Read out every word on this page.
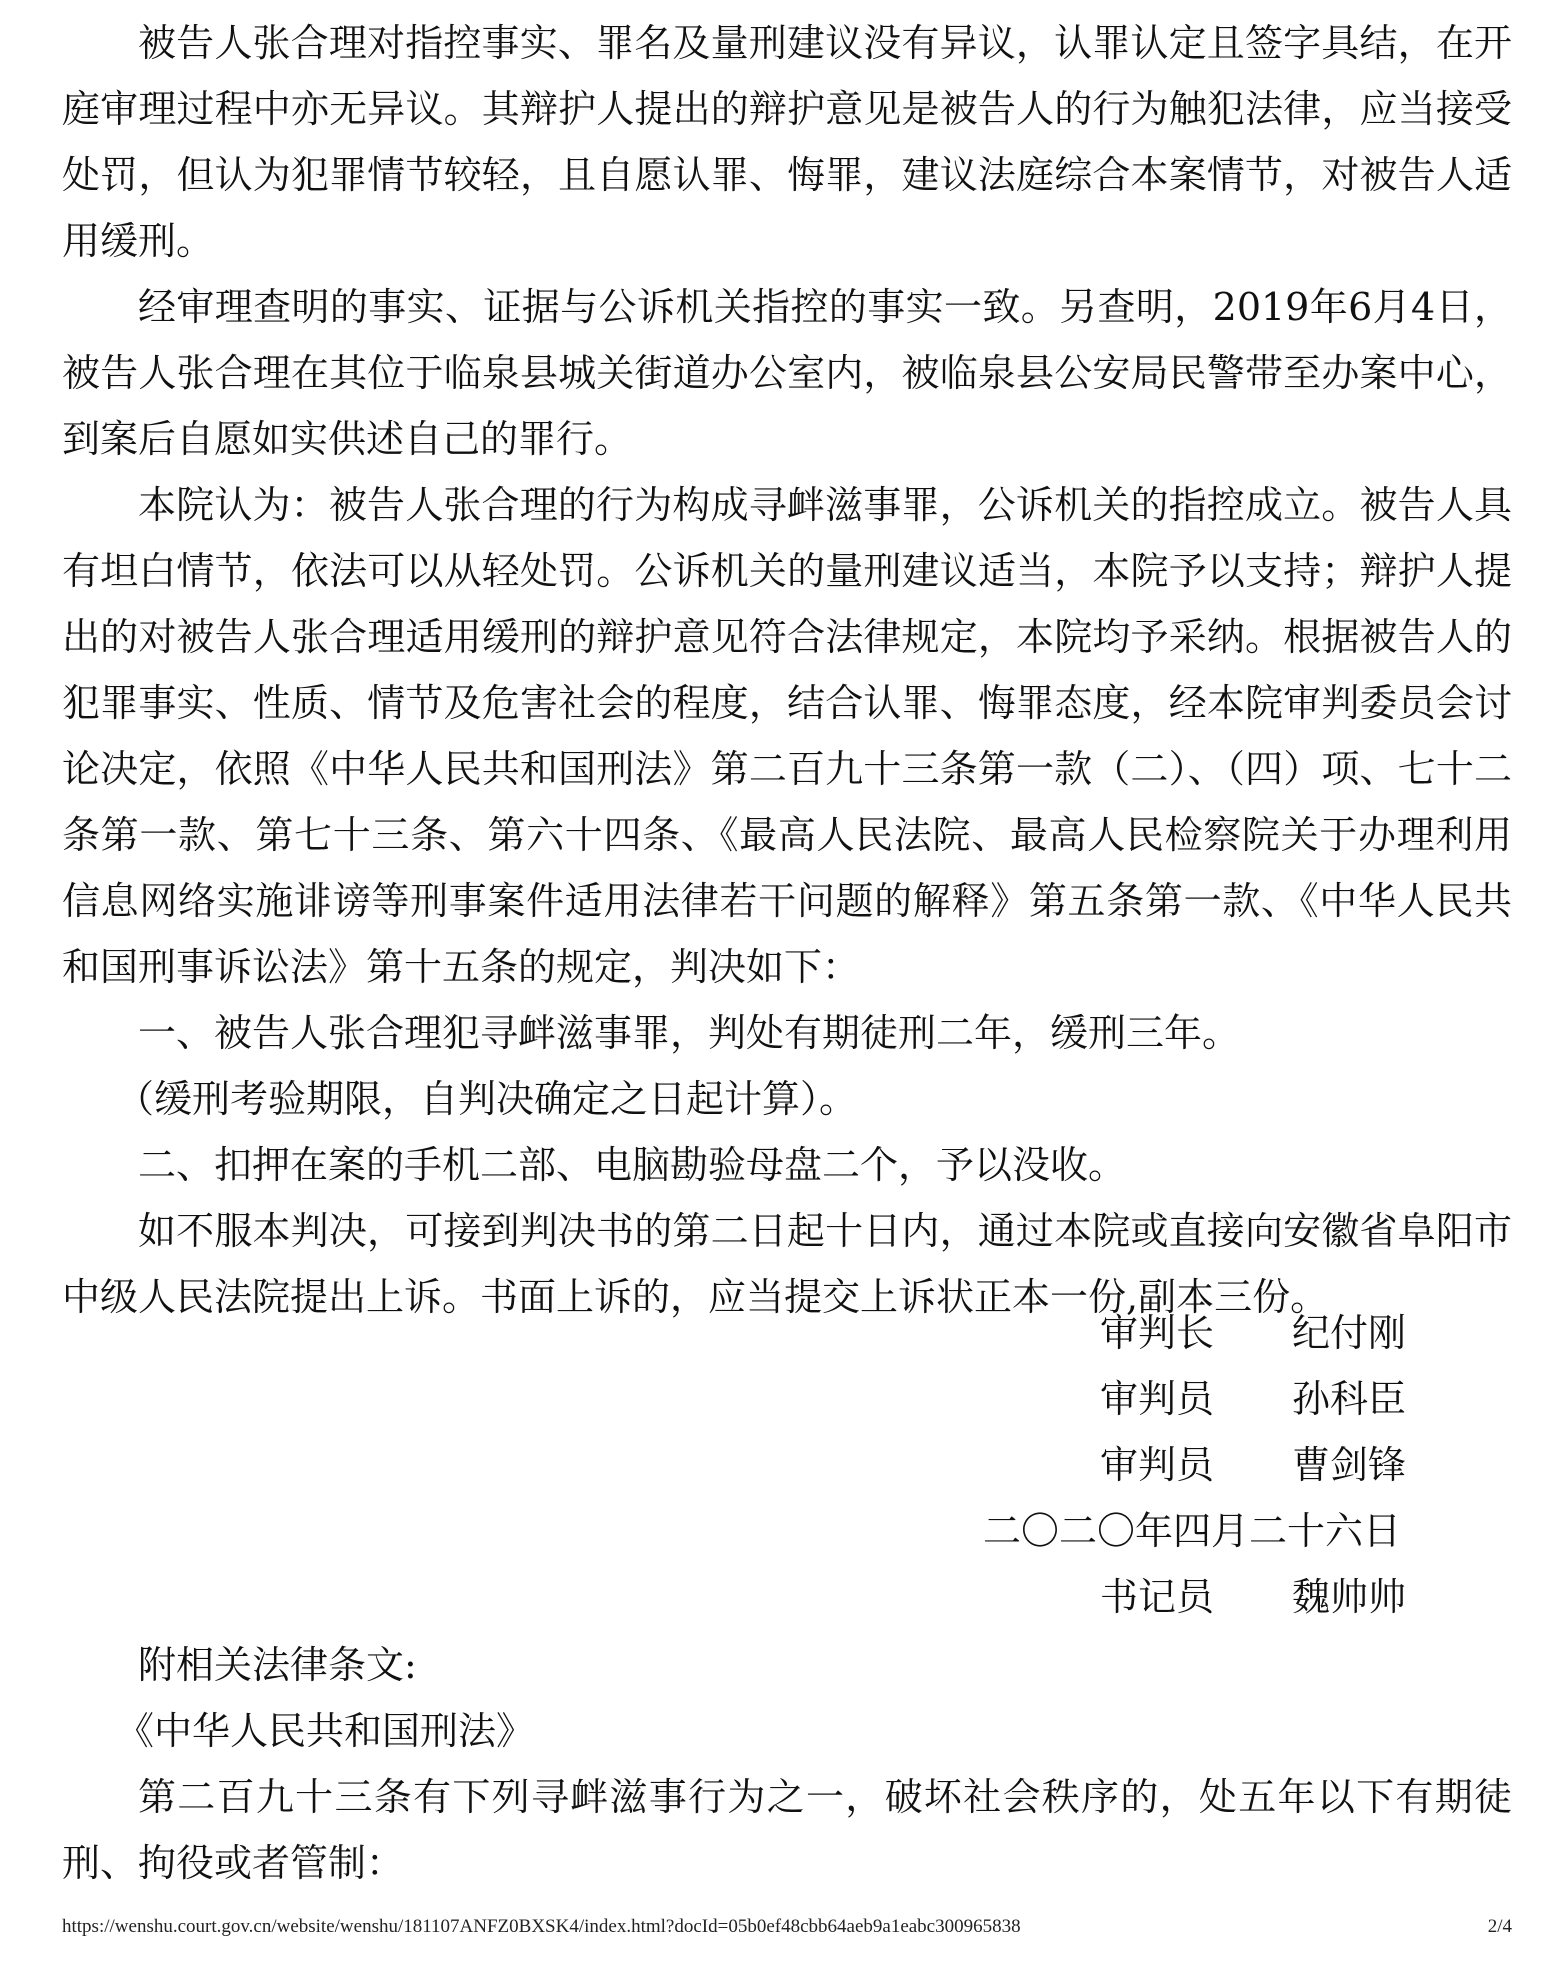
被告人张合理对指控事实、罪名及量刑建议没有异议，认罪认定且签字具结，在开庭审理过程中亦无异议。其辩护人提出的辩护意见是被告人的行为触犯法律，应当接受处罚，但认为犯罪情节较轻，且自愿认罪、悔罪，建议法庭综合本案情节，对被告人适用缓刑。

经审理查明的事实、证据与公诉机关指控的事实一致。另查明，2019年6月4日，被告人张合理在其位于临泉县城关街道办公室内，被临泉县公安局民警带至办案中心，到案后自愿如实供述自己的罪行。

本院认为：被告人张合理的行为构成寻衅滋事罪，公诉机关的指控成立。被告人具有坦白情节，依法可以从轻处罚。公诉机关的量刑建议适当，本院予以支持；辩护人提出的对被告人张合理适用缓刑的辩护意见符合法律规定，本院均予采纳。根据被告人的犯罪事实、性质、情节及危害社会的程度，结合认罪、悔罪态度，经本院审判委员会讨论决定，依照《中华人民共和国刑法》第二百九十三条第一款（二）、（四）项、七十二条第一款、第七十三条、第六十四条、《最高人民法院、最高人民检察院关于办理利用信息网络实施诽谤等刑事案件适用法律若干问题的解释》第五条第一款、《中华人民共和国刑事诉讼法》第十五条的规定，判决如下：

一、被告人张合理犯寻衅滋事罪，判处有期徒刑二年，缓刑三年。

（缓刑考验期限，自判决确定之日起计算）。

二、扣押在案的手机二部、电脑勘验母盘二个，予以没收。

如不服本判决，可接到判决书的第二日起十日内，通过本院或直接向安徽省阜阳市中级人民法院提出上诉。书面上诉的，应当提交上诉状正本一份,副本三份。

审判长 纪付刚
审判员 孙科臣
审判员 曹剑锋
二〇二〇年四月二十六日
书记员 魏帅帅

附相关法律条文:

《中华人民共和国刑法》

第二百九十三条有下列寻衅滋事行为之一，破坏社会秩序的，处五年以下有期徒刑、拘役或者管制：

https://wenshu.court.gov.cn/website/wenshu/181107ANFZ0BXSK4/index.html?docId=05b0ef48cbb64aeb9a1eabc300965838	2/4
